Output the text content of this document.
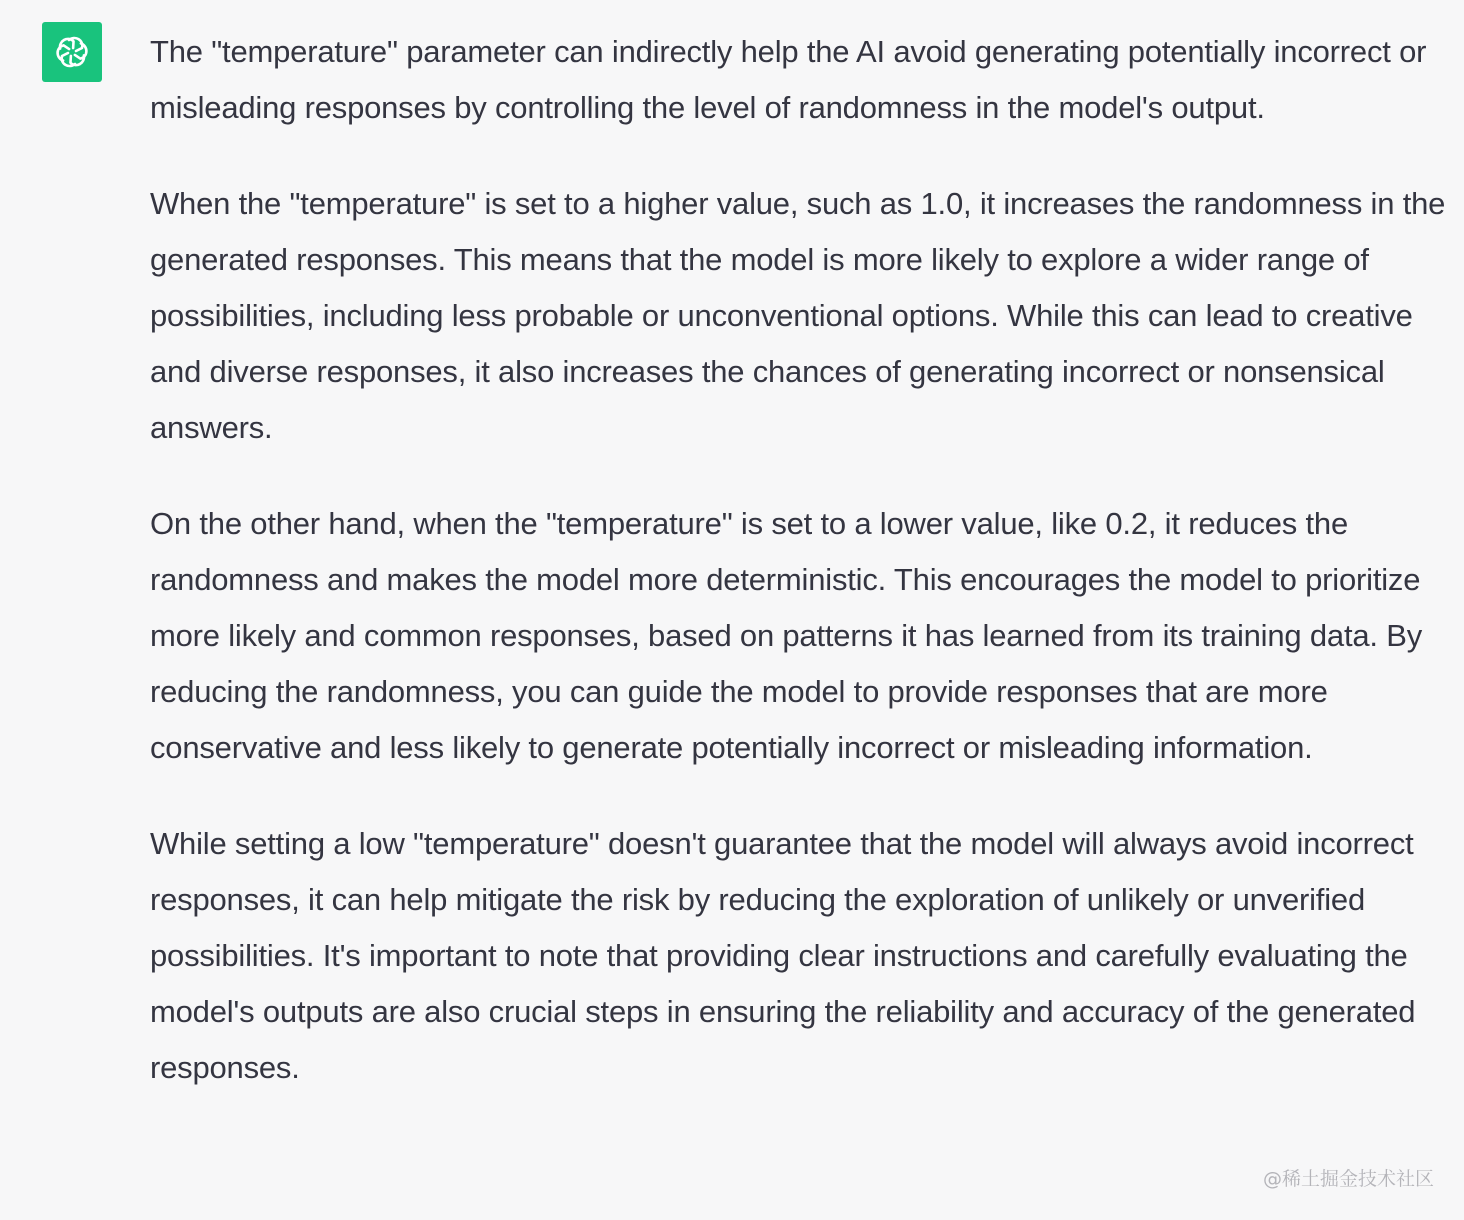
The "temperature" parameter can indirectly help the AI avoid generating potentially incorrect or misleading responses by controlling the level of randomness in the model's output.

When the "temperature" is set to a higher value, such as 1.0, it increases the randomness in the generated responses. This means that the model is more likely to explore a wider range of possibilities, including less probable or unconventional options. While this can lead to creative and diverse responses, it also increases the chances of generating incorrect or nonsensical answers.

On the other hand, when the "temperature" is set to a lower value, like 0.2, it reduces the randomness and makes the model more deterministic. This encourages the model to prioritize more likely and common responses, based on patterns it has learned from its training data. By reducing the randomness, you can guide the model to provide responses that are more conservative and less likely to generate potentially incorrect or misleading information.

While setting a low "temperature" doesn't guarantee that the model will always avoid incorrect responses, it can help mitigate the risk by reducing the exploration of unlikely or unverified possibilities. It's important to note that providing clear instructions and carefully evaluating the model's outputs are also crucial steps in ensuring the reliability and accuracy of the generated responses.

@稀土掘金技术社区
